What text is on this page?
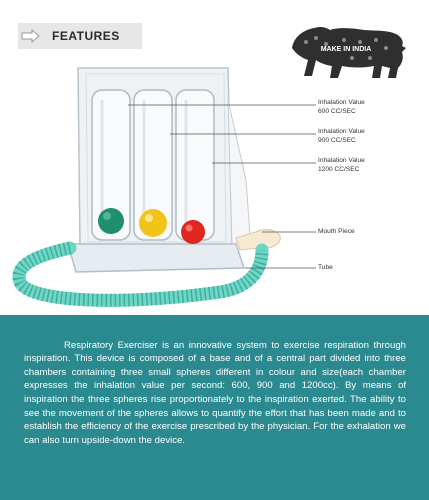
FEATURES
MAKE IN INDIA
Inhalation Value
600 CC/SEC
Inhalation Value
900 CC/SEC
Inhalation Value
1200 CC/SEC
Mouth Piece
Tube

Respiratory Exerciser is an innovative system to exercise respiration through inspiration. This device is composed of a base and of a central part divided into three chambers containing three small spheres different in colour and size(each chamber expresses the inhalation value per second: 600, 900 and 1200cc). By means of inspiration the three spheres rise proportionately to the inspiration exerted. The ability to see the movement of the spheres allows to quantify the effort that has been made and to establish the efficiency of the exercise prescribed by the physician. For the exhalation we can also turn upside-down the device.
